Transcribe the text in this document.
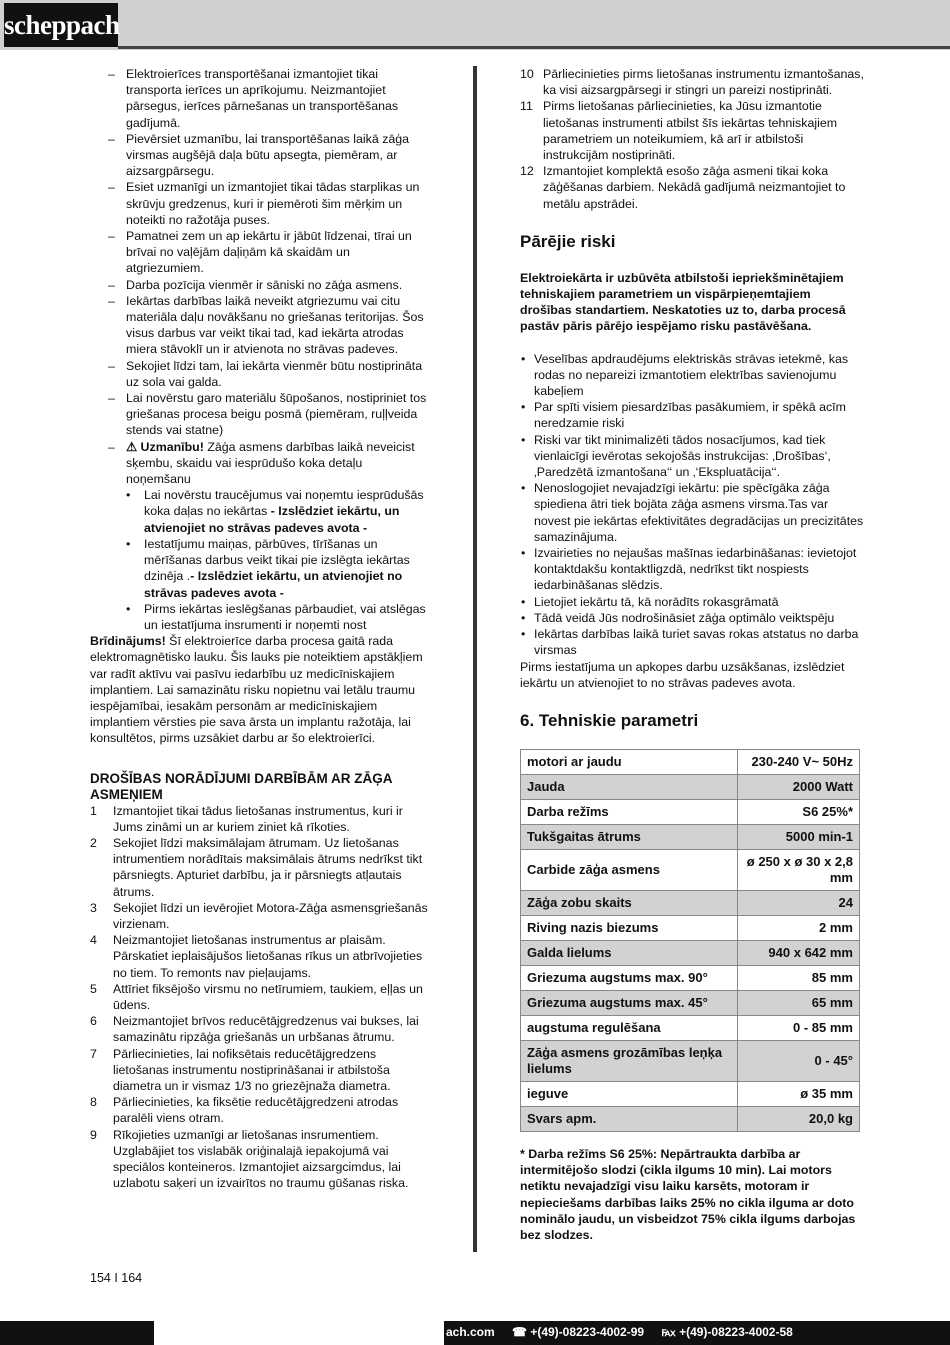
scheppach
– Elektroierīces transportēšanai izmantojiet tikai transporta ierīces un aprīkojumu. Neizmantojiet pārsegus, ierīces pārnešanas un transportēšanas gadījumā.
– Pievērsiet uzmanību, lai transportēšanas laikā zāģa virsmas augšējā daļa būtu apsegta, piemēram, ar aizsargpārsegu.
– Esiet uzmanīgi un izmantojiet tikai tādas starplikas un skrūvju gredzenus, kuri ir piemēroti šim mērķim un noteikti no ražotāja puses.
– Pamatnei zem un ap iekārtu ir jābūt līdzenai, tīrai un brīvai no vaļējām daļiņām kā skaidām un atgriezumiem.
– Darba pozīcija vienmēr ir sāniski no zāģa asmens.
– Iekārtas darbības laikā neveikt atgriezumu vai citu materiāla daļu novākšanu no griešanas teritorijas. Šos visus darbus var veikt tikai tad, kad iekārta atrodas miera stāvoklī un ir atvienota no strāvas padeves.
– Sekojiet līdzi tam, lai iekārta vienmēr būtu nostiprināta uz sola vai galda.
– Lai novērstu garo materiālu šūpošanos, nostipriniet tos griešanas procesa beigu posmā (piemēram, ruļļveida stends vai statne)
– ⚠ Uzmanību! Zāģa asmens darbības laikā neveicist sķembu, skaidu vai iesprūdušo koka detaļu noņemšanu
• Lai novērstu traucējumus vai noņemtu iesprūdušās koka daļas no iekārtas - Izslēdziet iekārtu, un atvienojiet no strāvas padeves avota -
• Iestatījumu maiņas, pārbūves, tīrīšanas un mērīšanas darbus veikt tikai pie izslēgta iekārtas dzinēja .- Izslēdziet iekārtu, un atvienojiet no strāvas padeves avota -
• Pirms iekārtas ieslēgšanas pārbaudiet, vai atslēgas un iestatījuma insrumenti ir noņemti nost

Brīdinājums! Šī elektroierīce darba procesa gaitā rada elektromagnētisko lauku. Šis lauks pie noteiktiem apstākļiem var radīt aktīvu vai pasīvu iedarbību uz medicīniskajiem implantiem. Lai samazinātu risku nopietnu vai letālu traumu iespējamībai, iesakām personām ar medicīniskajiem implantiem vērsties pie sava ārsta un implantu ražotāja, lai konsultētos, pirms uzsākiet darbu ar šo elektroierīci.

DROŠĪBAS NORĀDĪJUMI DARBĪBĀM AR ZĀĢA ASMEŅIEM
1 Izmantojiet tikai tādus lietošanas instrumentus, kuri ir Jums zināmi un ar kuriem ziniet kā rīkoties.
2 Sekojiet līdzi maksimālajam ātrumam. Uz lietošanas intrumentiem norādītais maksimālais ātrums nedrīkst tikt pārsniegts. Apturiet darbību, ja ir pārsniegts atļautais ātrums.
3 Sekojiet līdzi un ievērojiet Motora-Zāģa asmensgriešanās virzienam.
4 Neizmantojiet lietošanas instrumentus ar plaisām. Pārskatiet ieplaisājušos lietošanas rīkus un atbrīvojieties no tiem. To remonts nav pieļaujams.
5 Attīriet fiksējošo virsmu no netīrumiem, taukiem, eļļas un ūdens.
6 Neizmantojiet brīvos reducētājgredzenus vai bukses, lai samazinātu ripzāģa griešanās un urbšanas ātrumu.
7 Pārliecinieties, lai nofiksētais reducētājgredzens lietošanas instrumentu nostiprināšanai ir atbilstoša diametra un ir vismaz 1/3 no griezējnaža diametra.
8 Pārliecinieties, ka fiksētie reducētājgredzeni atrodas paralēli viens otram.
9 Rīkojieties uzmanīgi ar lietošanas insrumentiem. Uzglabājiet tos vislabāk oriģinalajā iepakojumā vai speciālos konteineros. Izmantojiet aizsargcimdus, lai uzlabotu saķeri un izvairītos no traumu gūšanas riska.
10 Pārliecinieties pirms lietošanas instrumentu izmantošanas, ka visi aizsargpārsegi ir stingri un pareizi nostiprināti.
11 Pirms lietošanas pārliecinieties, ka Jūsu izmantotie lietošanas instrumenti atbilst šīs iekārtas tehniskajiem parametriem un noteikumiem, kā arī ir atbilstoši instrukcijām nostiprināti.
12 Izmantojiet komplektā esošo zāģa asmeni tikai koka zāģēšanas darbiem. Nekādā gadījumā neizmantojiet to metālu apstrādei.
Pārējie riski

Elektroiekārta ir uzbūvēta atbilstoši iepriekšminētajiem tehniskajiem parametriem un vispārpieņemtajiem drošības standartiem. Neskatoties uz to, darba procesā pastāv pāris pārējo iespējamo risku pastāvēšana.

• Veselības apdraudējums elektriskās strāvas ietekmē, kas rodas no nepareizi izmantotiem elektrības savienojumu kabeļiem
• Par spīti visiem piesardzības pasākumiem, ir spēkā acīm neredzamie riski
• Riski var tikt minimalizēti tādos nosacījumos, kad tiek vienlaicīgi ievērotas sekojošās instrukcijas: ‚Drošības‘, ‚Paredzētā izmantošana‘‘ un ‚‘Ekspluatācija‘‘.
• Nenoslogojiet nevajadzīgi iekārtu: pie spēcīgāka zāģa spiediena ātri tiek bojāta zāģa asmens virsma.Tas var novest pie iekārtas efektivitātes degradācijas un precizitātes samazinājuma.
• Izvairieties no nejaušas mašīnas iedarbināšanas: ievietojot kontaktdakšu kontaktligzdā, nedrīkst tikt nospiests iedarbināšanas slēdzis.
• Lietojiet iekārtu tā, kā norādīts rokasgrāmatā
• Tādā veidā Jūs nodrošināsiet zāģa optimālo veiktspēju
• Iekārtas darbības laikā turiet savas rokas atstatus no darba virsmas

Pirms iestatījuma un apkopes darbu uzsākšanas, izslēdziet iekārtu un atvienojiet to no strāvas padeves avota.

6. Tehniskie parametri
motori ar jaudu	230-240 V~ 50Hz
Jauda	2000 Watt
Darba režīms	S6 25%*
Tukšgaitas ātrums	5000 min-1
Carbide zāģa asmens	ø 250 x ø 30 x 2,8 mm
Zāģa zobu skaits	24
Riving nazis biezums	2 mm
Galda lielums	940 x 642 mm
Griezuma augstums max. 90°	85 mm
Griezuma augstums max. 45°	65 mm
augstuma regulēšana	0 - 85 mm
Zāģa asmens grozāmības leņķa lielums	0 - 45°
ieguve	ø 35 mm
Svars apm.	20,0 kg

* Darba režīms S6 25%: Nepārtraukta darbība ar intermitējošo slodzi (cikla ilgums 10 min). Lai motors netiktu nevajadzīgi visu laiku karsēts, motoram ir nepieciešams darbības laiks 25% no cikla ilguma ar doto nominālo jaudu, un visbeidzot 75% cikla ilgums darbojas bez slodzes.

154 I 164
ach.com ☎ +(49)-08223-4002-99 ℻ +(49)-08223-4002-58
